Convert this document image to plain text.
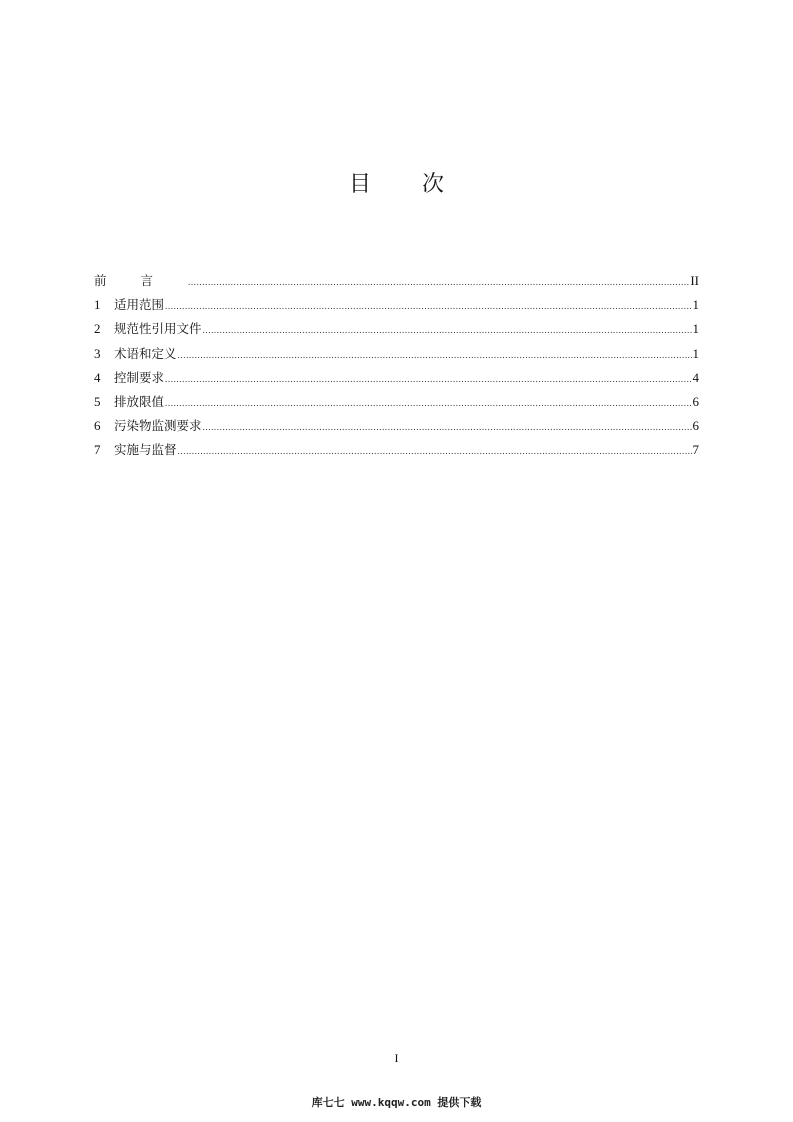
目 次
前言 .....	II
1	适用范围 .....	1
2	规范性引用文件 .....	1
3	术语和定义 .....	1
4	控制要求 .....	4
5	排放限值 .....	6
6	污染物监测要求 .....	6
7	实施与监督 .....	7
I
库七七 www.kqqw.com 提供下载
